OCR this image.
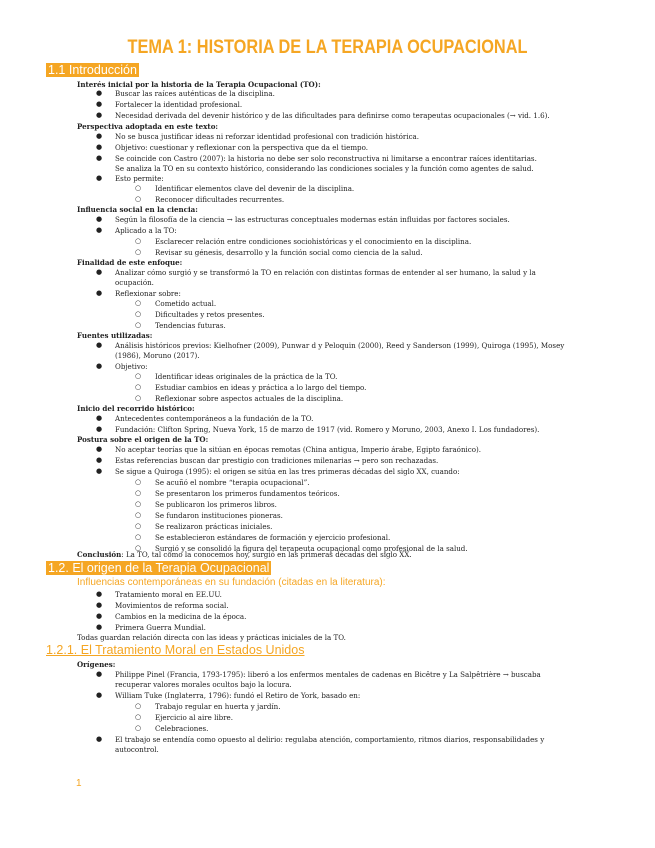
TEMA 1: HISTORIA DE LA TERAPIA OCUPACIONAL
1.1 Introducción
Interés inicial por la historia de la Terapia Ocupacional (TO):
● Buscar las raíces auténticas de la disciplina.
● Fortalecer la identidad profesional.
● Necesidad derivada del devenir histórico y de las dificultades para definirse como terapeutas ocupacionales (→ vid. 1.6).
Perspectiva adoptada en este texto:
● No se busca justificar ideas ni reforzar identidad profesional con tradición histórica.
● Objetivo: cuestionar y reflexionar con la perspectiva que da el tiempo.
● Se coincide con Castro (2007): la historia no debe ser solo reconstructiva ni limitarse a encontrar raíces identitarias.
Se analiza la TO en su contexto histórico, considerando las condiciones sociales y la función como agentes de salud.
● Esto permite:
○ Identificar elementos clave del devenir de la disciplina.
○ Reconocer dificultades recurrentes.
Influencia social en la ciencia:
● Según la filosofía de la ciencia → las estructuras conceptuales modernas están influidas por factores sociales.
● Aplicado a la TO:
○ Esclarecer relación entre condiciones sociohistóricas y el conocimiento en la disciplina.
○ Revisar su génesis, desarrollo y la función social como ciencia de la salud.
Finalidad de este enfoque:
● Analizar cómo surgió y se transformó la TO en relación con distintas formas de entender al ser humano, la salud y la
ocupación.
● Reflexionar sobre:
○ Cometido actual.
○ Dificultades y retos presentes.
○ Tendencias futuras.
Fuentes utilizadas:
● Análisis históricos previos: Kielhofner (2009), Punwar d y Peloquin (2000), Reed y Sanderson (1999), Quiroga (1995), Mosey
(1986), Moruno (2017).
● Objetivo:
○ Identificar ideas originales de la práctica de la TO.
○ Estudiar cambios en ideas y práctica a lo largo del tiempo.
○ Reflexionar sobre aspectos actuales de la disciplina.
Inicio del recorrido histórico:
● Antecedentes contemporáneos a la fundación de la TO.
● Fundación: Clifton Spring, Nueva York, 15 de marzo de 1917 (vid. Romero y Moruno, 2003, Anexo I. Los fundadores).
Postura sobre el origen de la TO:
● No aceptar teorías que la sitúan en épocas remotas (China antigua, Imperio árabe, Egipto faraónico).
● Estas referencias buscan dar prestigio con tradiciones milenarias → pero son rechazadas.
● Se sigue a Quiroga (1995): el origen se sitúa en las tres primeras décadas del siglo XX, cuando:
○ Se acuñó el nombre “terapia ocupacional”.
○ Se presentaron los primeros fundamentos teóricos.
○ Se publicaron los primeros libros.
○ Se fundaron instituciones pioneras.
○ Se realizaron prácticas iniciales.
○ Se establecieron estándares de formación y ejercicio profesional.
○ Surgió y se consolidó la figura del terapeuta ocupacional como profesional de la salud.
Conclusión: La TO, tal como la conocemos hoy, surgió en las primeras décadas del siglo XX.
1.2. El origen de la Terapia Ocupacional
Influencias contemporáneas en su fundación (citadas en la literatura):
● Tratamiento moral en EE.UU.
● Movimientos de reforma social.
● Cambios en la medicina de la época.
● Primera Guerra Mundial.
Todas guardan relación directa con las ideas y prácticas iniciales de la TO.
1.2.1. El Tratamiento Moral en Estados Unidos
Orígenes:
● Philippe Pinel (Francia, 1793-1795): liberó a los enfermos mentales de cadenas en Bicêtre y La Salpêtrière → buscaba
recuperar valores morales ocultos bajo la locura.
● William Tuke (Inglaterra, 1796): fundó el Retiro de York, basado en:
○ Trabajo regular en huerta y jardín.
○ Ejercicio al aire libre.
○ Celebraciones.
● El trabajo se entendía como opuesto al delirio: regulaba atención, comportamiento, ritmos diarios, responsabilidades y
autocontrol.
1
